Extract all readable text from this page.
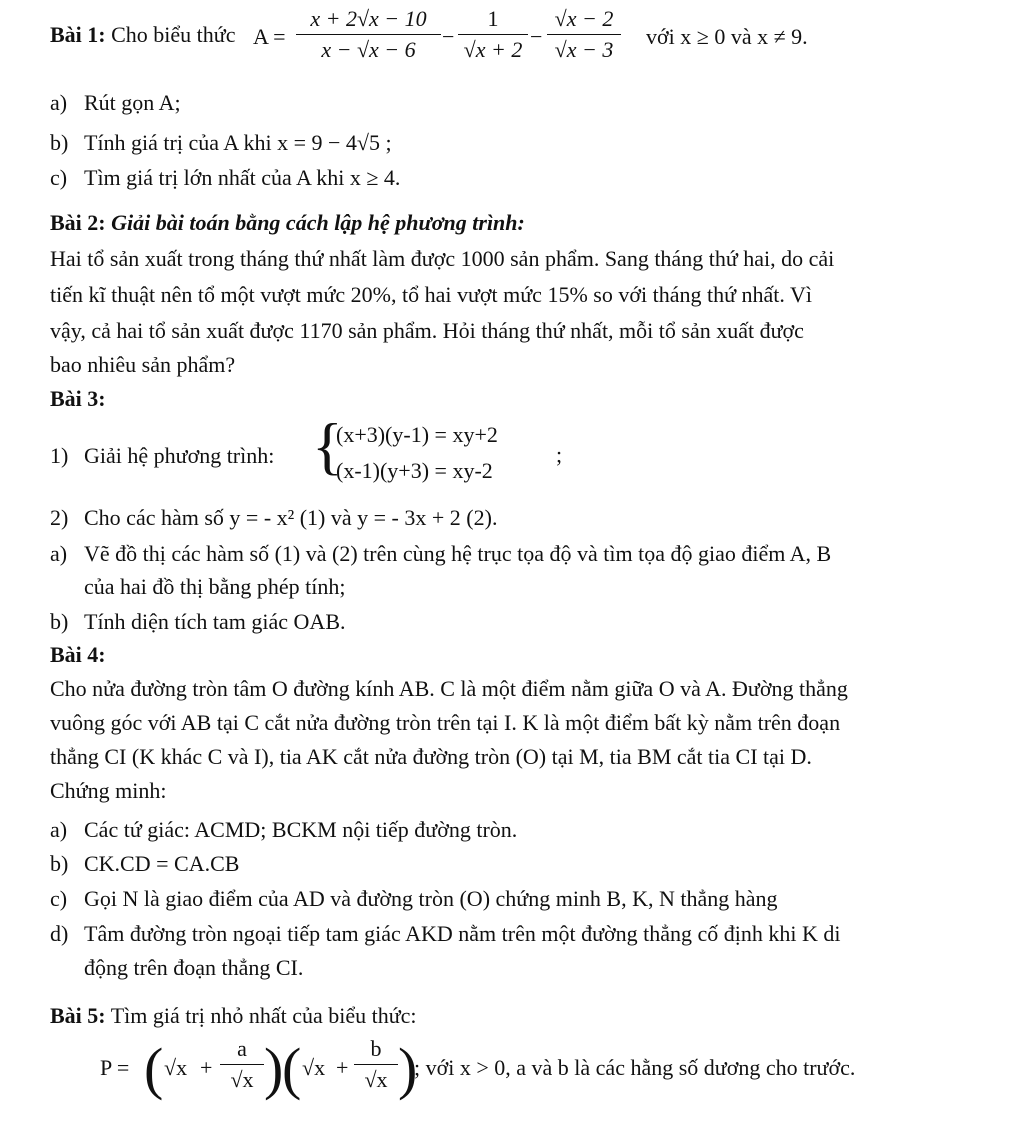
Bài 1: Cho biểu thức $A = \frac{x + 2√x - 10}{x - √x - 6} - \frac{1}{√x + 2} - \frac{√x - 2}{√x - 3}$ với x ≥ 0 và x ≠ 9.
a) Rút gọn A;
b) Tính giá trị của A khi x = 9 − 4√5 ;
c) Tìm giá trị lớn nhất của A khi x ≥ 4.
Bài 2: Giải bài toán bằng cách lập hệ phương trình:
Hai tổ sản xuất trong tháng thứ nhất làm được 1000 sản phẩm. Sang tháng thứ hai, do cải
tiến kĩ thuật nên tổ một vượt mức 20%, tổ hai vượt mức 15% so với tháng thứ nhất. Vì
vậy, cả hai tổ sản xuất được 1170 sản phẩm. Hỏi tháng thứ nhất, mỗi tổ sản xuất được
bao nhiêu sản phẩm?
Bài 3:
1) Giải hệ phương trình: {
(x+3)(y-1) = xy+2
(x-1)(y+3) = xy-2
;
2) Cho các hàm số y = - x² (1) và y = - 3x + 2 (2).
a) Vẽ đồ thị các hàm số (1) và (2) trên cùng hệ trục tọa độ và tìm tọa độ giao điểm A, B
của hai đồ thị bằng phép tính;
b) Tính diện tích tam giác OAB.
Bài 4:
Cho nửa đường tròn tâm O đường kính AB. C là một điểm nằm giữa O và A. Đường thẳng
vuông góc với AB tại C cắt nửa đường tròn trên tại I. K là một điểm bất kỳ nằm trên đoạn
thẳng CI (K khác C và I), tia AK cắt nửa đường tròn (O) tại M, tia BM cắt tia CI tại D.
Chứng minh:
a) Các tứ giác: ACMD; BCKM nội tiếp đường tròn.
b) CK.CD = CA.CB
c) Gọi N là giao điểm của AD và đường tròn (O) chứng minh B, K, N thẳng hàng
d) Tâm đường tròn ngoại tiếp tam giác AKD nằm trên một đường thẳng cố định khi K di
động trên đoạn thẳng CI.
Bài 5: Tìm giá trị nhỏ nhất của biểu thức:
P = ( $√x + \frac{a}{√x}$ )
( $√x + \frac{b}{√x}$ )
; với x > 0, a và b là các hằng số dương cho trước.
